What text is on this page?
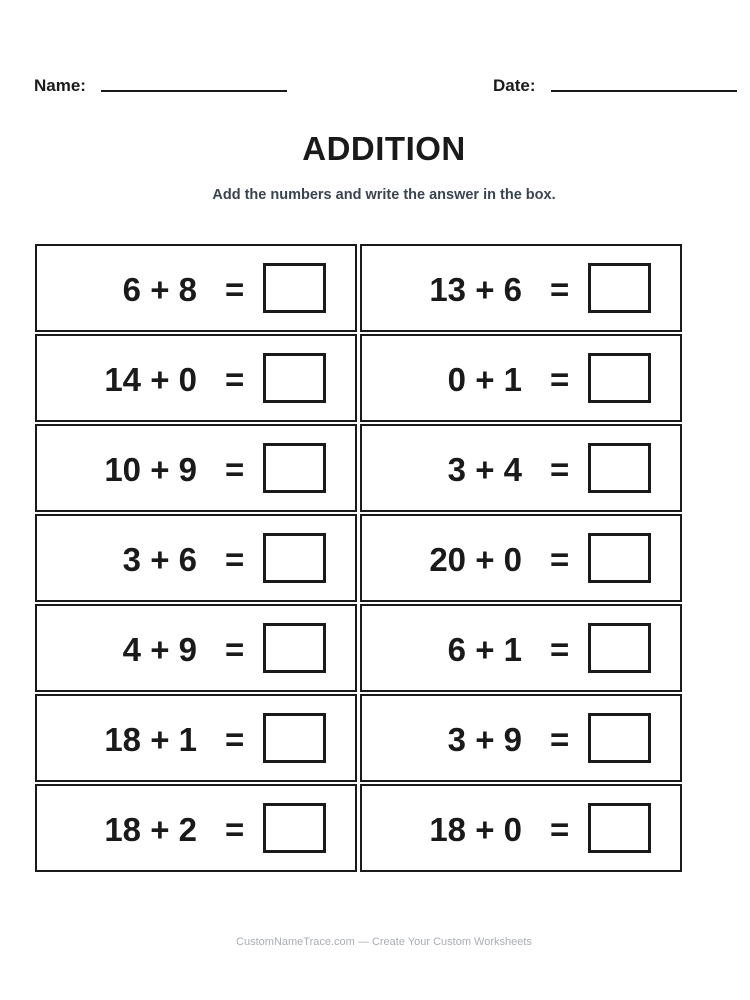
Name:	Date:
ADDITION
Add the numbers and write the answer in the box.
6 + 8 =	13 + 6 =
14 + 0 =	0 + 1 =
10 + 9 =	3 + 4 =
3 + 6 =	20 + 0 =
4 + 9 =	6 + 1 =
18 + 1 =	3 + 9 =
18 + 2 =	18 + 0 =
CustomNameTrace.com — Create Your Custom Worksheets
